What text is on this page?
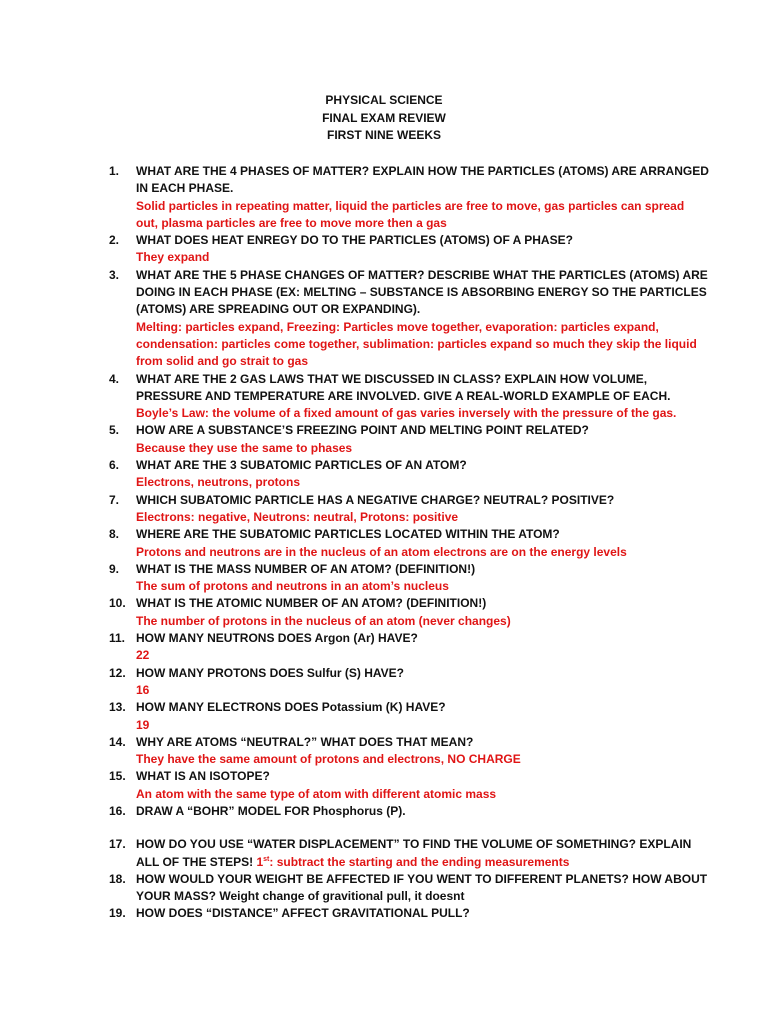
PHYSICAL SCIENCE
FINAL EXAM REVIEW
FIRST NINE WEEKS
1. WHAT ARE THE 4 PHASES OF MATTER? EXPLAIN HOW THE PARTICLES (ATOMS) ARE ARRANGED IN EACH PHASE.
Solid particles in repeating matter, liquid the particles are free to move, gas particles can spread out, plasma particles are free to move more then a gas
2. WHAT DOES HEAT ENREGY DO TO THE PARTICLES (ATOMS) OF A PHASE?
They expand
3. WHAT ARE THE 5 PHASE CHANGES OF MATTER? DESCRIBE WHAT THE PARTICLES (ATOMS) ARE DOING IN EACH PHASE (EX: MELTING – SUBSTANCE IS ABSORBING ENERGY SO THE PARTICLES (ATOMS) ARE SPREADING OUT OR EXPANDING).
Melting: particles expand, Freezing: Particles move together, evaporation: particles expand, condensation: particles come together, sublimation: particles expand so much they skip the liquid from solid and go strait to gas
4. WHAT ARE THE 2 GAS LAWS THAT WE DISCUSSED IN CLASS? EXPLAIN HOW VOLUME, PRESSURE AND TEMPERATURE ARE INVOLVED. GIVE A REAL-WORLD EXAMPLE OF EACH.
Boyle’s Law: the volume of a fixed amount of gas varies inversely with the pressure of the gas.
5. HOW ARE A SUBSTANCE’S FREEZING POINT AND MELTING POINT RELATED?
Because they use the same to phases
6. WHAT ARE THE 3 SUBATOMIC PARTICLES OF AN ATOM?
Electrons, neutrons, protons
7. WHICH SUBATOMIC PARTICLE HAS A NEGATIVE CHARGE? NEUTRAL? POSITIVE?
Electrons: negative, Neutrons: neutral, Protons: positive
8. WHERE ARE THE SUBATOMIC PARTICLES LOCATED WITHIN THE ATOM?
Protons and neutrons are in the nucleus of an atom electrons are on the energy levels
9. WHAT IS THE MASS NUMBER OF AN ATOM? (DEFINITION!)
The sum of protons and neutrons in an atom’s nucleus
10. WHAT IS THE ATOMIC NUMBER OF AN ATOM? (DEFINITION!)
The number of protons in the nucleus of an atom (never changes)
11. HOW MANY NEUTRONS DOES Argon (Ar) HAVE?
22
12. HOW MANY PROTONS DOES Sulfur (S) HAVE?
16
13. HOW MANY ELECTRONS DOES Potassium (K) HAVE?
19
14. WHY ARE ATOMS “NEUTRAL?” WHAT DOES THAT MEAN?
They have the same amount of protons and electrons, NO CHARGE
15. WHAT IS AN ISOTOPE?
An atom with the same type of atom with different atomic mass
16. DRAW A “BOHR” MODEL FOR Phosphorus (P).
17. HOW DO YOU USE “WATER DISPLACEMENT” TO FIND THE VOLUME OF SOMETHING? EXPLAIN ALL OF THE STEPS! 1st: subtract the starting and the ending measurements
18. HOW WOULD YOUR WEIGHT BE AFFECTED IF YOU WENT TO DIFFERENT PLANETS? HOW ABOUT YOUR MASS? Weight change of gravitional pull, it doesnt
19. HOW DOES “DISTANCE” AFFECT GRAVITATIONAL PULL?
